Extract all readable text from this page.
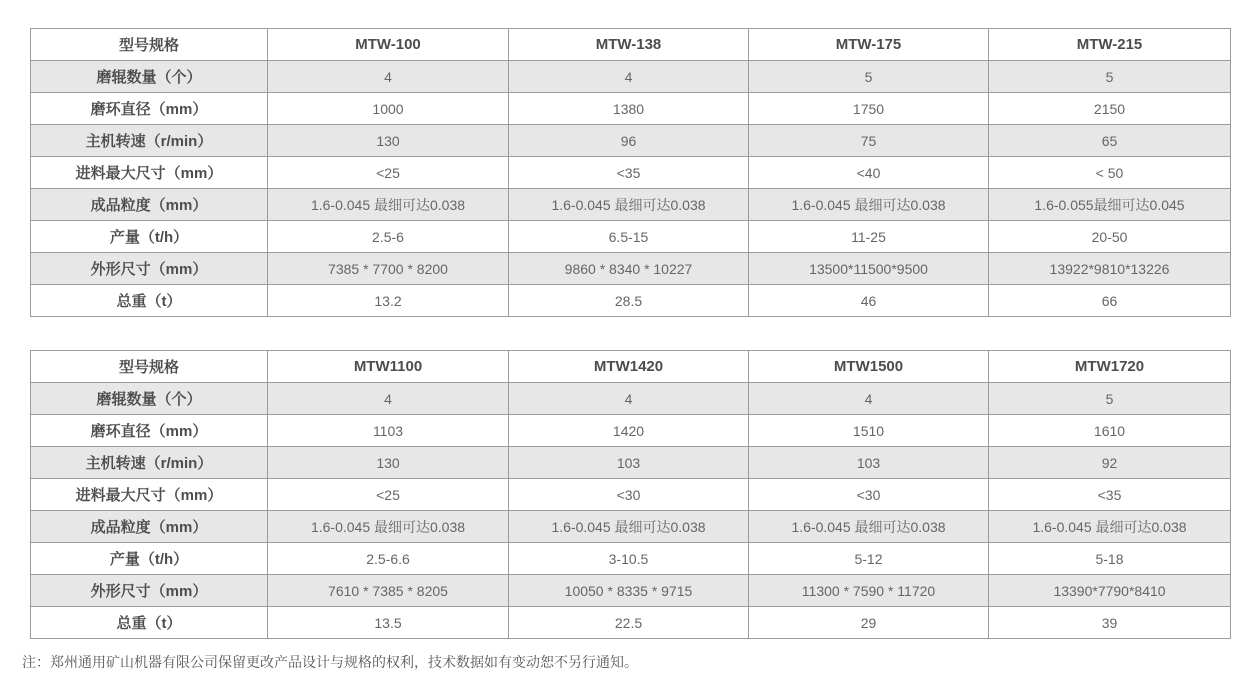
型号规格	MTW-100	MTW-138	MTW-175	MTW-215
磨辊数量（个）	4	4	5	5
磨环直径（mm）	1000	1380	1750	2150
主机转速（r/min）	130	96	75	65
进料最大尺寸（mm）	<25	<35	<40	< 50
成品粒度（mm）	1.6-0.045 最细可达0.038	1.6-0.045 最细可达0.038	1.6-0.045 最细可达0.038	1.6-0.055最细可达0.045
产量（t/h）	2.5-6	6.5-15	11-25	20-50
外形尺寸（mm）	7385 * 7700 * 8200	9860 * 8340 * 10227	13500*11500*9500	13922*9810*13226
总重（t）	13.2	28.5	46	66
型号规格	MTW1100	MTW1420	MTW1500	MTW1720
磨辊数量（个）	4	4	4	5
磨环直径（mm）	1103	1420	1510	1610
主机转速（r/min）	130	103	103	92
进料最大尺寸（mm）	<25	<30	<30	<35
成品粒度（mm）	1.6-0.045 最细可达0.038	1.6-0.045 最细可达0.038	1.6-0.045 最细可达0.038	1.6-0.045 最细可达0.038
产量（t/h）	2.5-6.6	3-10.5	5-12	5-18
外形尺寸（mm）	7610 * 7385 * 8205	10050 * 8335 * 9715	11300 * 7590 * 11720	13390*7790*8410
总重（t）	13.5	22.5	29	39
注：郑州通用矿山机器有限公司保留更改产品设计与规格的权利，技术数据如有变动恕不另行通知。
